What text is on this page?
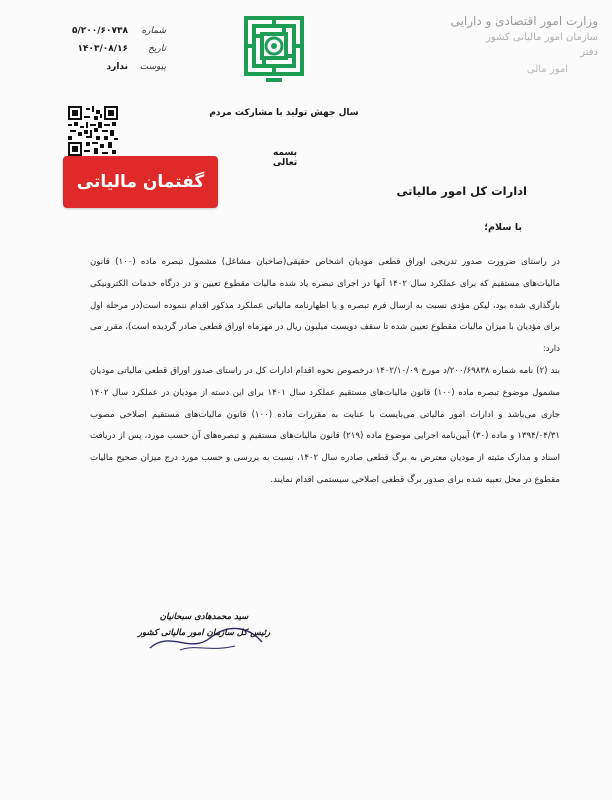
وزارت امور اقتصادی و دارایی
سازمان امور مالیاتی کشور
دفتر
امور مالی
سال جهش تولید با مشارکت مردم
بسمه تعالی
شماره
۵/۲۰۰/۶۰۷۳۸
تاریخ
۱۴۰۳/۰۸/۱۶
پیوست
ندارد
گفتمان مالیاتی	ادارات کل امور مالیاتی
با سلام؛

در راستای ضرورت صدور تدریجی اوراق قطعی مودیان اشخاص حقیقی(صاحبان مشاغل) مشمول تبصره ماده (۱۰۰) قانون مالیات‌های مستقیم که برای عملکرد سال ۱۴۰۲ آنها در اجرای تبصره یاد شده مالیات مقطوع تعیین و در درگاه خدمات الکترونیکی بارگذاری شده بود، لیکن مؤدی نسبت به ارسال فرم تبصره و یا اظهارنامه مالیاتی عملکرد مذکور اقدام ننموده است(در مرحله اول برای مؤدیان با میزان مالیات مقطوع تعیین شده تا سقف دویست میلیون ریال در مهرماه اوراق قطعی صادر گردیده است)، مقرر می دارد:

بند (۲) نامه شماره ۲۰۰/۶۹۸۳۸/د مورخ ۱۴۰۲/۱۰/۰۹ درخصوص نحوه اقدام ادارات کل در راستای صدور اوراق قطعی مالیاتی مودیان مشمول موضوع تبصره ماده (۱۰۰) قانون مالیات‌های مستقیم عملکرد سال ۱۴۰۱ برای این دسته از مودیان در عملکرد سال ۱۴۰۲ جاری می‌باشد و ادارات امور مالیاتی می‌بایست با عنایت به مقررات ماده (۱۰۰) قانون مالیات‌های مستقیم اصلاحی مصوب ۱۳۹۴/۰۴/۳۱ و ماده (۳۰) آیین‌نامه اجرایی موضوع ماده (۲۱۹) قانون مالیات‌های مستقیم و تبصره‌های آن حسب مورد، پس از دریافت اسناد و مدارک مثبته از مودیان معترض به برگ قطعی صادره سال ۱۴۰۲، نسبت به بررسی و حسب مورد درج میزان صحیح مالیات مقطوع در محل تعبیه شده برای صدور برگ قطعی اصلاحی سیستمی اقدام نمایند.

سید محمدهادی سبحانیان
رئیس کل سازمان امور مالیاتی کشور
